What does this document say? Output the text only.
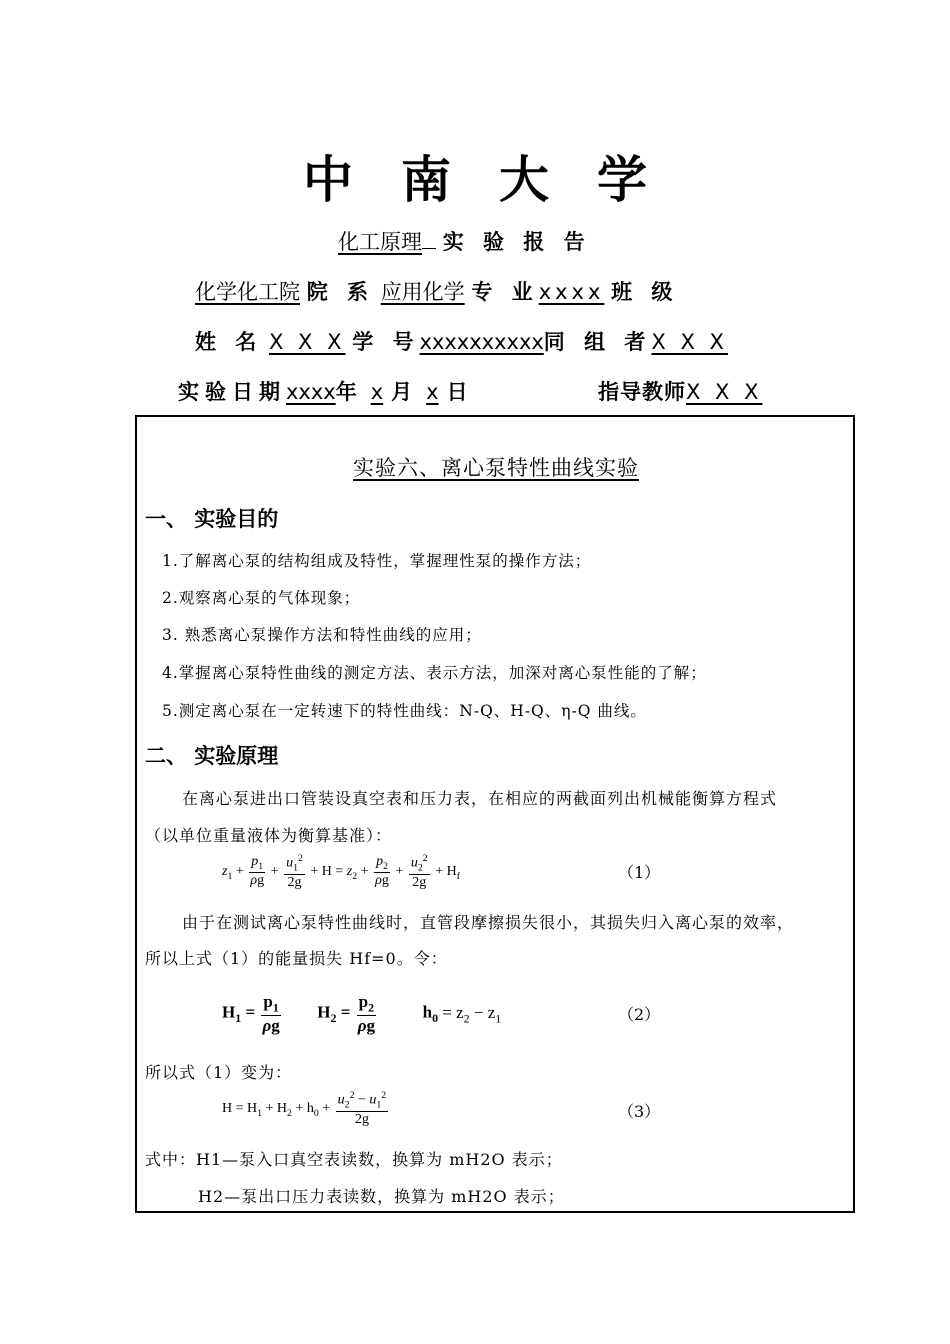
中南大学
化工原理 实 验 报 告
化学化工院 院 系 应用化学 专 业xxxx 班 级
姓 名 X X X 学 号xxxxxxxxxx同 组 者X X X
实验日期xxxx年 x 月 x 日	指导教师X X X
实验六、离心泵特性曲线实验
一、 实验目的
1.了解离心泵的结构组成及特性，掌握理性泵的操作方法；
2.观察离心泵的气体现象；
3. 熟悉离心泵操作方法和特性曲线的应用；
4.掌握离心泵特性曲线的测定方法、表示方法，加深对离心泵性能的了解；
5.测定离心泵在一定转速下的特性曲线：N-Q、H-Q、η-Q 曲线。
二、 实验原理
在离心泵进出口管装设真空表和压力表，在相应的两截面列出机械能衡算方程式
（以单位重量液体为衡算基准）：
$z_1 + \frac{p_1}{\rho g} + \frac{u_1^2}{2g} + H = z_2 + \frac{p_2}{\rho g} + \frac{u_2^2}{2g} + H_f$	（1）
由于在测试离心泵特性曲线时，直管段摩擦损失很小，其损失归入离心泵的效率，
所以上式（1）的能量损失 Hf=0。令：
$H_1 = \frac{p_1}{\rho g} H_2 = \frac{p_2}{\rho g} h_0 = z_2 - z_1$	（2）
所以式（1）变为：
$H = H_1 + H_2 + h_0 + \frac{u_2^2 - u_1^2}{2g}$	（3）
式中：H1—泵入口真空表读数，换算为 mH2O 表示；
H2—泵出口压力表读数，换算为 mH2O 表示；
